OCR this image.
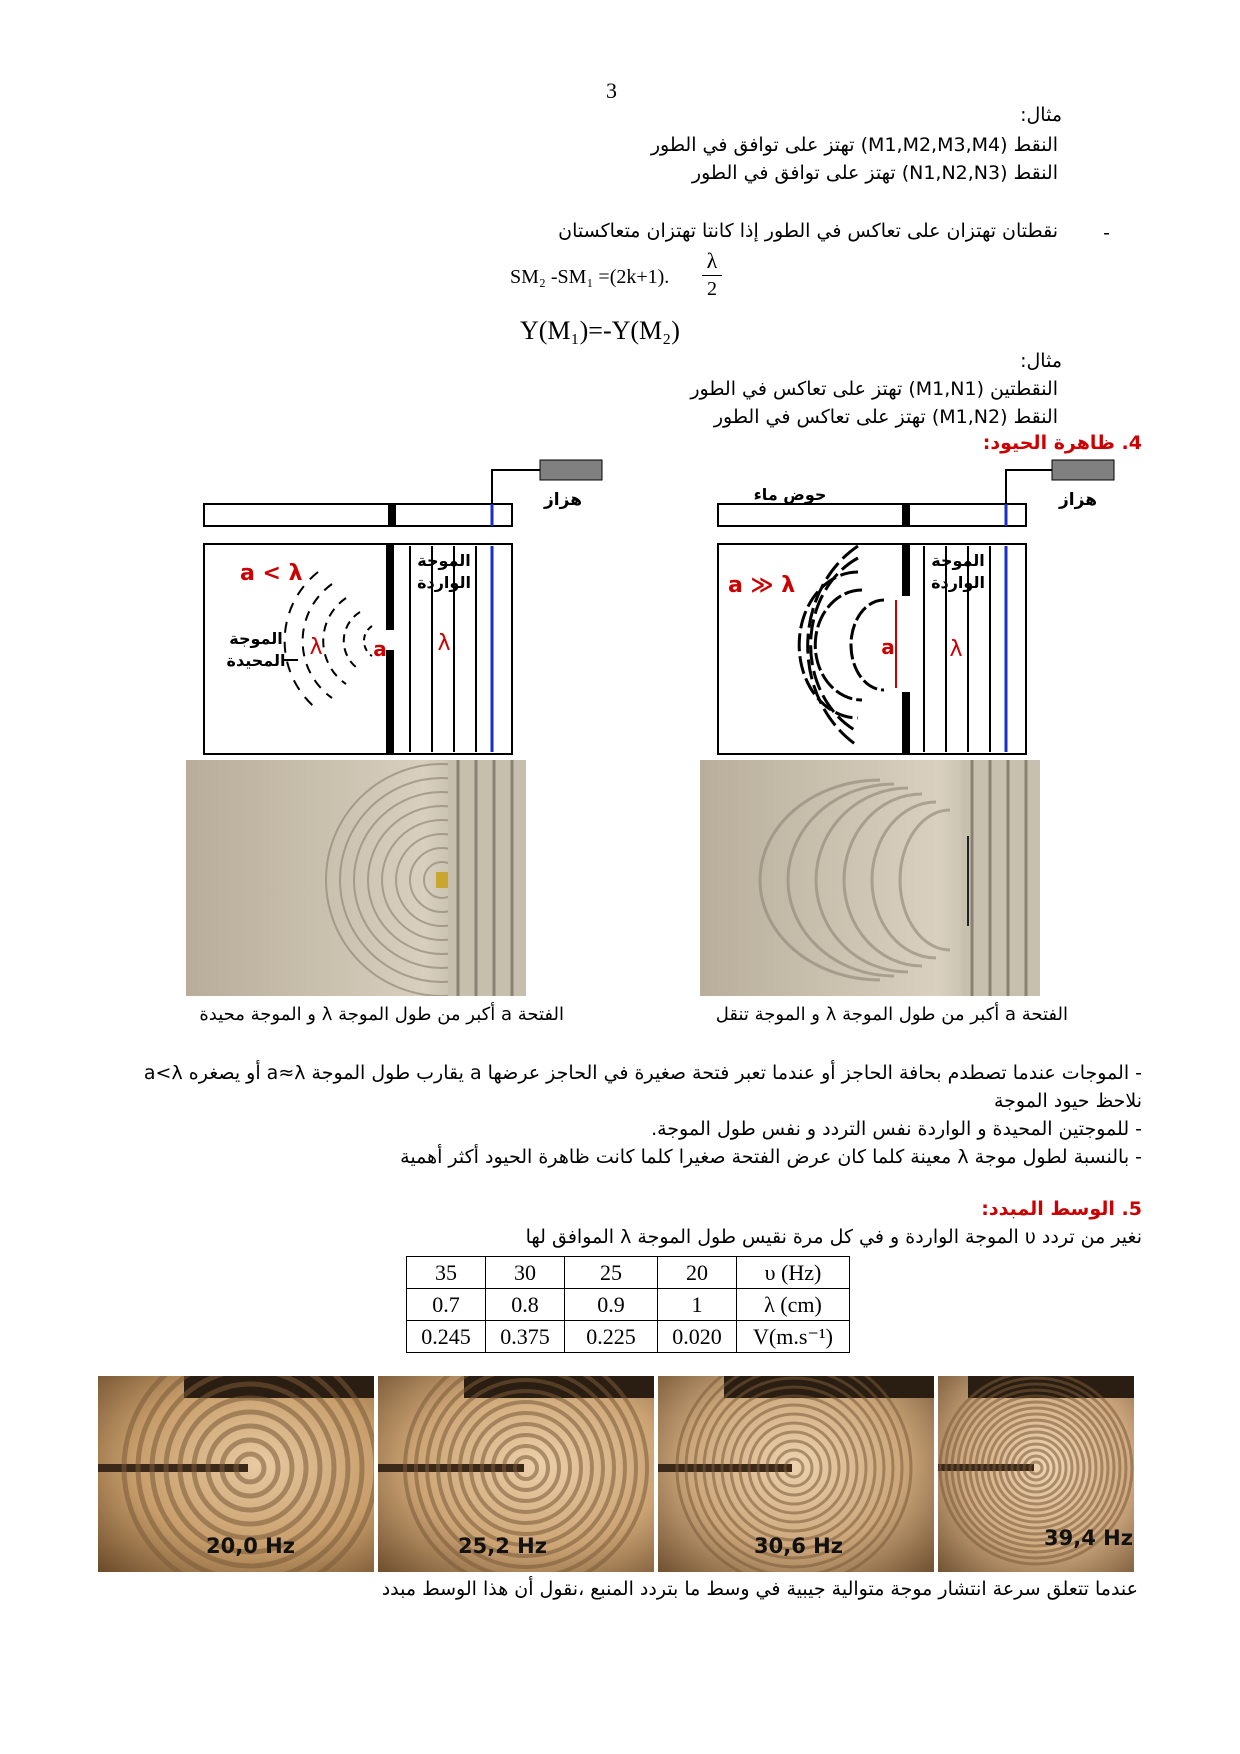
3
مثال:
النقط (M1,M2,M3,M4) تهتز على توافق في الطور
النقط (N1,N2,N3) تهتز على توافق في الطور
-
نقطتان تهتزان على تعاكس في الطور إذا كانتا تهتزان متعاكستان
SM₂ -SM₁ =(2k+1).
λ
2
Y(M₁)=-Y(M₂)
مثال:
النقطتين (M1,N1) تهتز على تعاكس في الطور
النقط (M1,N2) تهتز على تعاكس في الطور
4. ظاهرة الحيود:
هزاز
a < λ
الموجة
الواردة
الموجة
المحيدة
λ	λ
a
هزاز
حوض ماء
a ≫ λ
الموجة
الواردة
a λ
الفتحة a أكبر من طول الموجة λ و الموجة محيدة	الفتحة a أكبر من طول الموجة λ و الموجة تنقل
- الموجات عندما تصطدم بحافة الحاجز أو عندما تعبر فتحة صغيرة في الحاجز عرضها a يقارب طول الموجة a≈λ أو يصغره a<λ
نلاحظ حيود الموجة
- للموجتين المحيدة و الواردة نفس التردد و نفس طول الموجة.
- بالنسبة لطول موجة λ معينة كلما كان عرض الفتحة صغيرا كلما كانت ظاهرة الحيود أكثر أهمية
5. الوسط المبدد:
نغير من تردد υ الموجة الواردة و في كل مرة نقيس طول الموجة λ الموافق لها
υ (Hz)	20	25	30	35
λ (cm)	1	0.9	0.8	0.7
V(m.s⁻¹)	0.020	0.225	0.375	0.245
20,0 Hz	25,2 Hz	30,6 Hz	39,4 Hz
عندما تتعلق سرعة انتشار موجة متوالية جيبية في وسط ما بتردد المنبع ،نقول أن هذا الوسط مبدد
